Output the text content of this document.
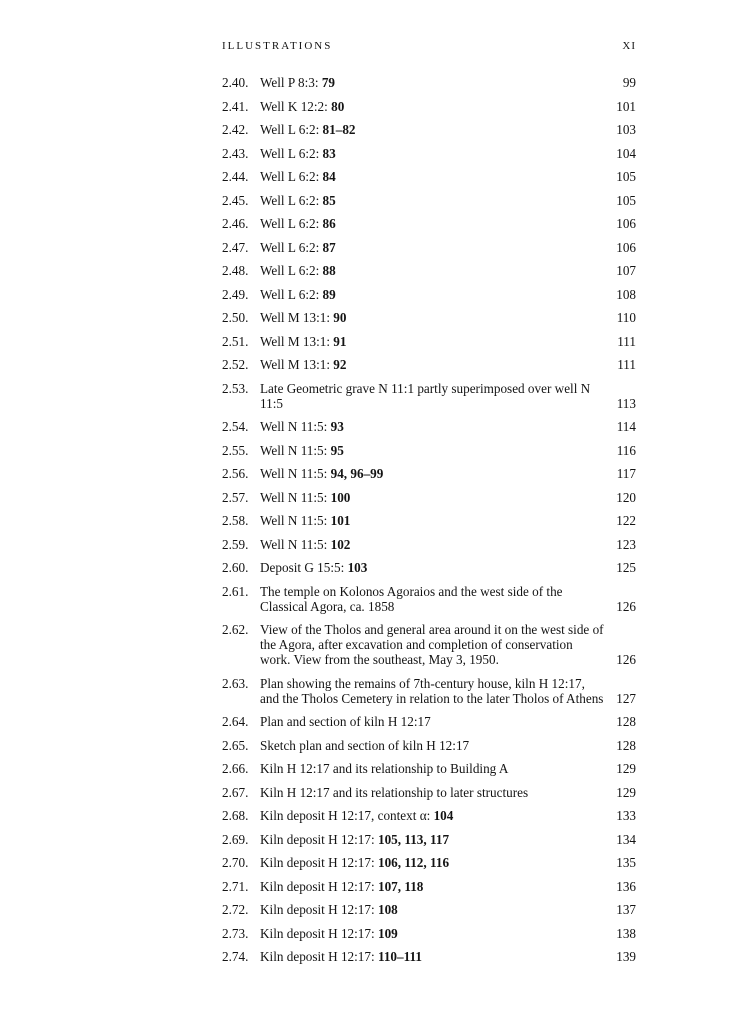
ILLUSTRATIONS	XI
2.40. Well P 8:3: 79	99
2.41. Well K 12:2: 80	101
2.42. Well L 6:2: 81–82	103
2.43. Well L 6:2: 83	104
2.44. Well L 6:2: 84	105
2.45. Well L 6:2: 85	105
2.46. Well L 6:2: 86	106
2.47. Well L 6:2: 87	106
2.48. Well L 6:2: 88	107
2.49. Well L 6:2: 89	108
2.50. Well M 13:1: 90	110
2.51. Well M 13:1: 91	111
2.52. Well M 13:1: 92	111
2.53. Late Geometric grave N 11:1 partly superimposed over well N 11:5	113
2.54. Well N 11:5: 93	114
2.55. Well N 11:5: 95	116
2.56. Well N 11:5: 94, 96–99	117
2.57. Well N 11:5: 100	120
2.58. Well N 11:5: 101	122
2.59. Well N 11:5: 102	123
2.60. Deposit G 15:5: 103	125
2.61. The temple on Kolonos Agoraios and the west side of the Classical Agora, ca. 1858	126
2.62. View of the Tholos and general area around it on the west side of the Agora, after excavation and completion of conservation work. View from the southeast, May 3, 1950.	126
2.63. Plan showing the remains of 7th-century house, kiln H 12:17, and the Tholos Cemetery in relation to the later Tholos of Athens 127
2.64. Plan and section of kiln H 12:17	128
2.65. Sketch plan and section of kiln H 12:17	128
2.66. Kiln H 12:17 and its relationship to Building A	129
2.67. Kiln H 12:17 and its relationship to later structures	129
2.68. Kiln deposit H 12:17, context α: 104	133
2.69. Kiln deposit H 12:17: 105, 113, 117	134
2.70. Kiln deposit H 12:17: 106, 112, 116	135
2.71. Kiln deposit H 12:17: 107, 118	136
2.72. Kiln deposit H 12:17: 108	137
2.73. Kiln deposit H 12:17: 109	138
2.74. Kiln deposit H 12:17: 110–111	139
